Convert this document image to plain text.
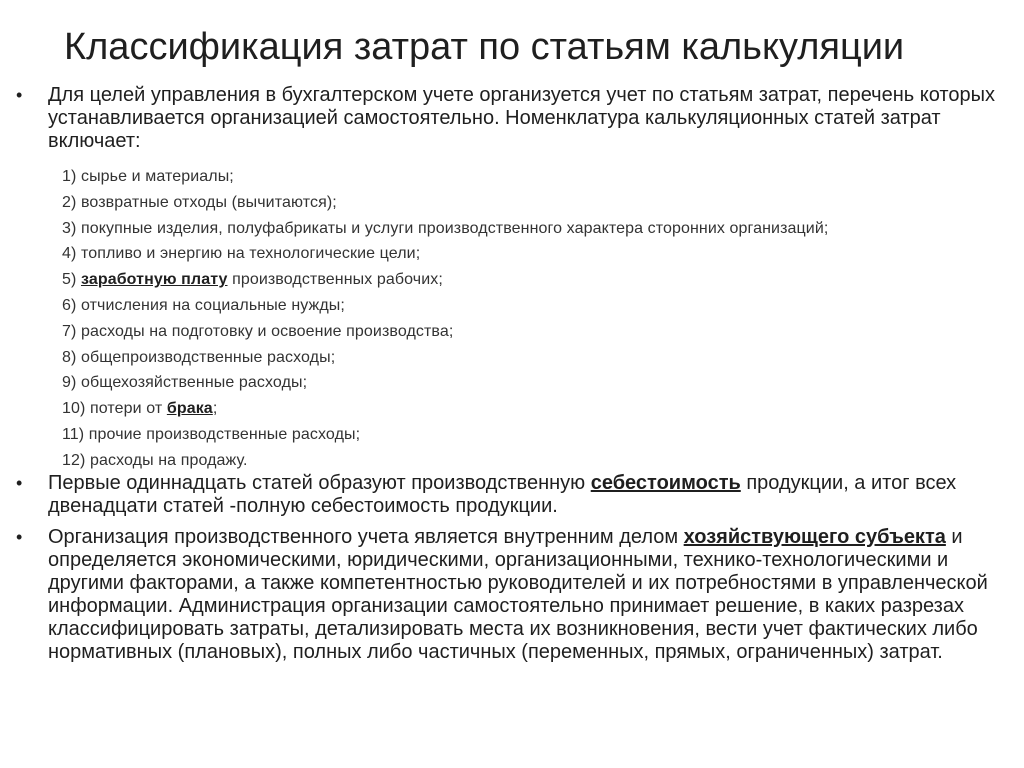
Классификация затрат по статьям калькуляции
• Для целей управления в бухгалтерском учете организуется учет по статьям затрат, перечень которых устанавливается организацией самостоятельно. Номенклатура калькуляционных статей затрат включает:
1) сырье и материалы;
2) возвратные отходы (вычитаются);
3) покупные изделия, полуфабрикаты и услуги производственного характера сторонних организаций;
4) топливо и энергию на технологические цели;
5) заработную плату производственных рабочих;
6) отчисления на социальные нужды;
7) расходы на подготовку и освоение производства;
8) общепроизводственные расходы;
9) общехозяйственные расходы;
10) потери от брака;
11) прочие производственные расходы;
12) расходы на продажу.
• Первые одиннадцать статей образуют производственную себестоимость продукции, а итог всех двенадцати статей -полную себестоимость продукции.
• Организация производственного учета является внутренним делом хозяйствующего субъекта и определяется экономическими, юридическими, организационными, технико-технологическими и другими факторами, а также компетентностью руководителей и их потребностями в управленческой информации. Администрация организации самостоятельно принимает решение, в каких разрезах классифицировать затраты, детализировать места их возникновения, вести учет фактических либо нормативных (плановых), полных либо частичных (переменных, прямых, ограниченных) затрат.
